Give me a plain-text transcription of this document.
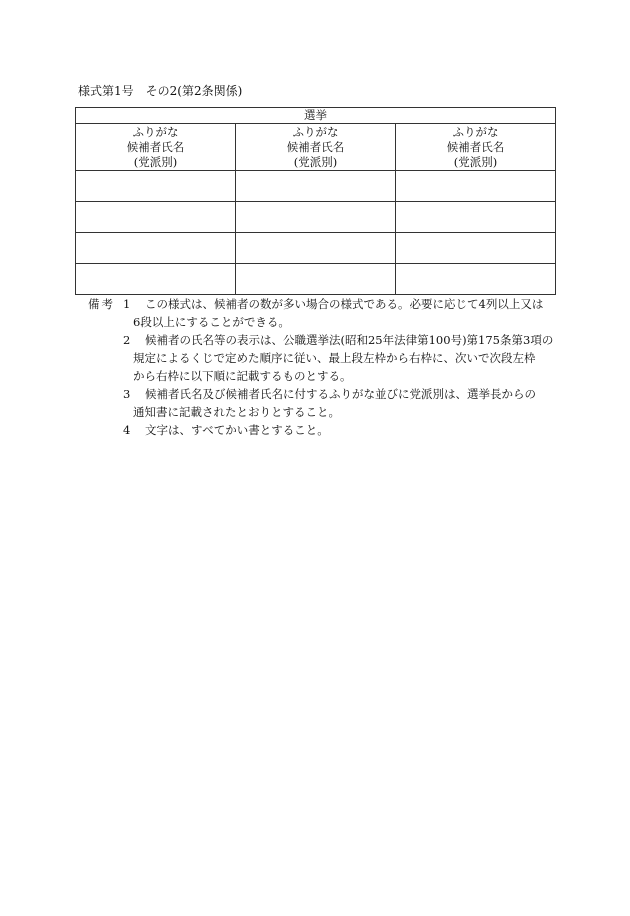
様式第1号　その2(第2条関係)
選挙		

ふりがな
候補者氏名
(党派別)	ふりがな
候補者氏名
(党派別)	ふりがな
候補者氏名
(党派別)

備考 1 この様式は、候補者の数が多い場合の様式である。必要に応じて4列以上又は
6段以上にすることができる。
2 候補者の氏名等の表示は、公職選挙法(昭和25年法律第100号)第175条第3項の
規定によるくじで定めた順序に従い、最上段左枠から右枠に、次いで次段左枠
から右枠に以下順に記載するものとする。
3 候補者氏名及び候補者氏名に付するふりがな並びに党派別は、選挙長からの
通知書に記載されたとおりとすること。
4 文字は、すべてかい書とすること。
